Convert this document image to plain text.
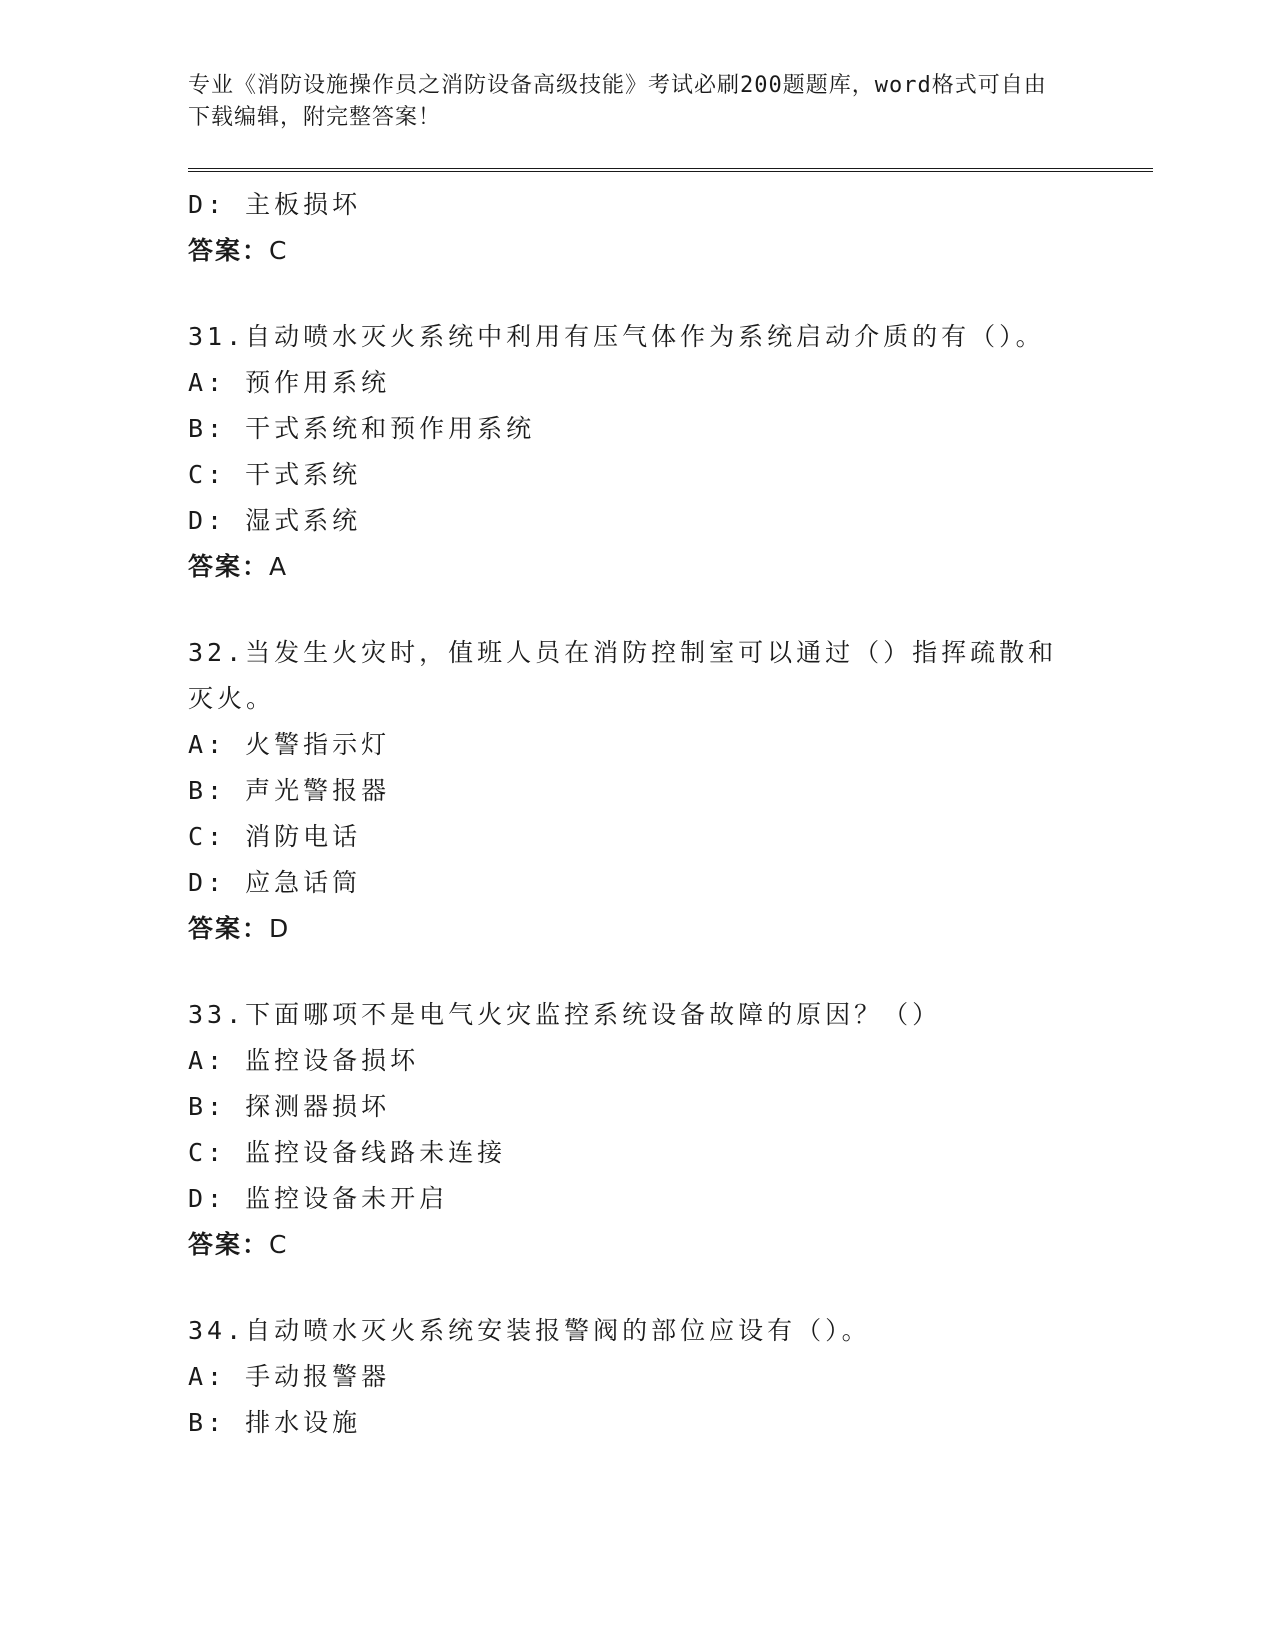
专业《消防设施操作员之消防设备高级技能》考试必刷200题题库，word格式可自由下载编辑，附完整答案！
D: 主板损坏
答案：C
31.自动喷水灭火系统中利用有压气体作为系统启动介质的有（）。
A: 预作用系统
B: 干式系统和预作用系统
C: 干式系统
D: 湿式系统
答案：A
32.当发生火灾时，值班人员在消防控制室可以通过（）指挥疏散和灭火。
A: 火警指示灯
B: 声光警报器
C: 消防电话
D: 应急话筒
答案：D
33.下面哪项不是电气火灾监控系统设备故障的原因？（）
A: 监控设备损坏
B: 探测器损坏
C: 监控设备线路未连接
D: 监控设备未开启
答案：C
34.自动喷水灭火系统安装报警阀的部位应设有（）。
A: 手动报警器
B: 排水设施
